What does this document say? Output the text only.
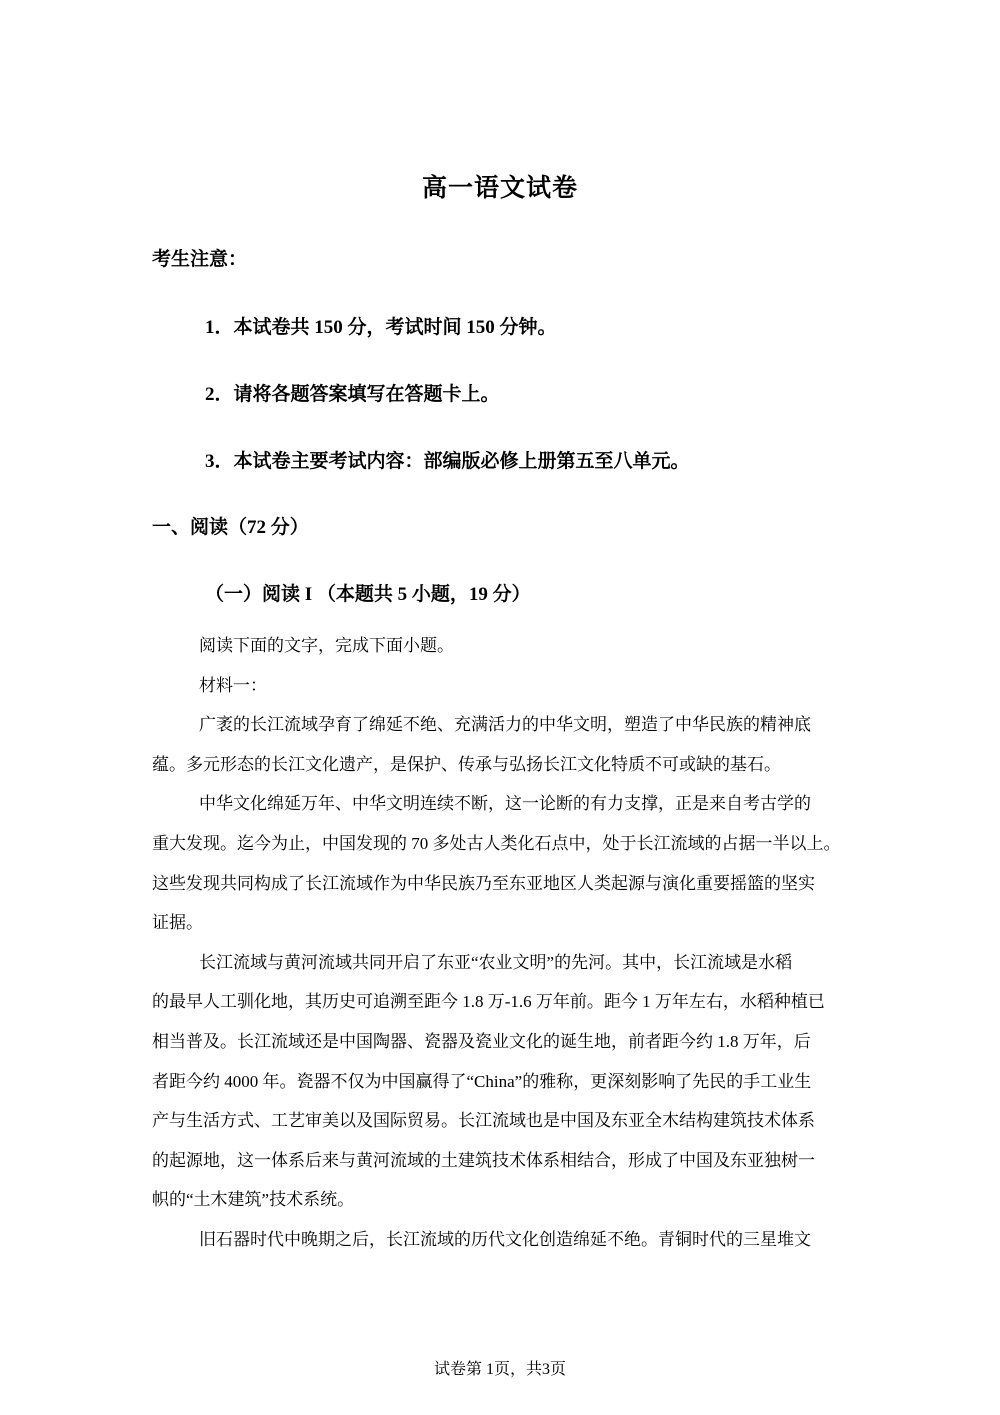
高一语文试卷
考生注意：
1．本试卷共 150 分，考试时间 150 分钟。
2．请将各题答案填写在答题卡上。
3．本试卷主要考试内容：部编版必修上册第五至八单元。
一、阅读（72 分）
（一）阅读 I （本题共 5 小题，19 分）
阅读下面的文字，完成下面小题。
材料一：
广袤的长江流域孕育了绵延不绝、充满活力的中华文明，塑造了中华民族的精神底
蕴。多元形态的长江文化遗产，是保护、传承与弘扬长江文化特质不可或缺的基石。
中华文化绵延万年、中华文明连续不断，这一论断的有力支撑，正是来自考古学的
重大发现。迄今为止，中国发现的 70 多处古人类化石点中，处于长江流域的占据一半以上。
这些发现共同构成了长江流域作为中华民族乃至东亚地区人类起源与演化重要摇篮的坚实
证据。
长江流域与黄河流域共同开启了东亚“农业文明”的先河。其中，长江流域是水稻
的最早人工驯化地，其历史可追溯至距今 1.8 万-1.6 万年前。距今 1 万年左右，水稻种植已
相当普及。长江流域还是中国陶器、瓷器及瓷业文化的诞生地，前者距今约 1.8 万年，后
者距今约 4000 年。瓷器不仅为中国赢得了“China”的雅称，更深刻影响了先民的手工业生
产与生活方式、工艺审美以及国际贸易。长江流域也是中国及东亚全木结构建筑技术体系
的起源地，这一体系后来与黄河流域的土建筑技术体系相结合，形成了中国及东亚独树一
帜的“土木建筑”技术系统。
旧石器时代中晚期之后，长江流域的历代文化创造绵延不绝。青铜时代的三星堆文
试卷第 1页，共3页
